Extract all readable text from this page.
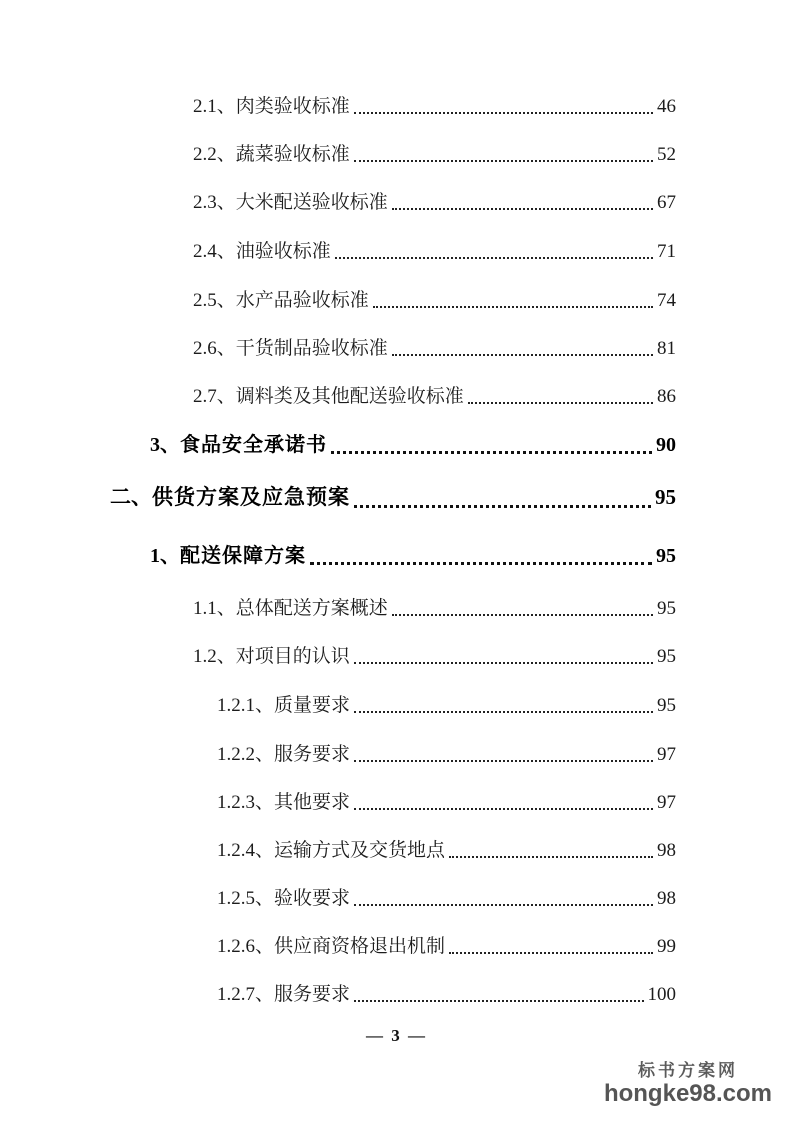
2.1、 肉类验收标准	46
2.2、 蔬菜验收标准	52
2.3、 大米配送验收标准	67
2.4、 油验收标准	71
2.5、 水产品验收标准	74
2.6、 干货制品验收标准	81
2.7、 调料类及其他配送验收标准	86
3、 食品安全承诺书	90
二、 供货方案及应急预案	95
1、 配送保障方案	95
1.1、 总体配送方案概述	95
1.2、 对项目的认识	95
1.2.1、 质量要求	95
1.2.2、 服务要求	97
1.2.3、 其他要求	97
1.2.4、 运输方式及交货地点	98
1.2.5、 验收要求	98
1.2.6、 供应商资格退出机制	99
1.2.7、 服务要求	100
— 3 —
标书方案网
hongke98.com
